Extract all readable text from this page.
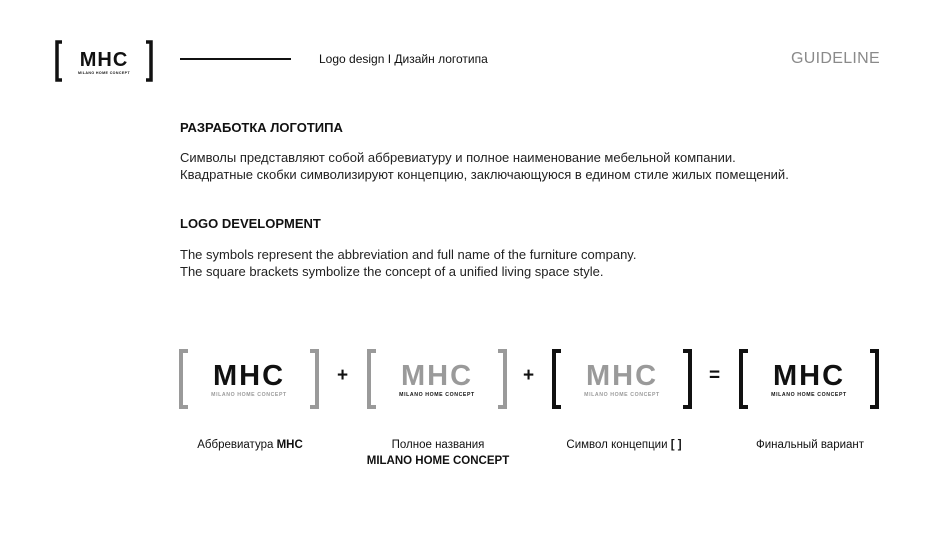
MHC
MILANO HOME CONCEPT
Logo design I Дизайн логотипа	GUIDELINE
РАЗРАБОТКА ЛОГОТИПА
Символы представляют собой аббревиатуру и полное наименование мебельной компании.
Квадратные скобки символизируют концепцию, заключающуюся в едином стиле жилых помещений.
LOGO DEVELOPMENT
The symbols represent the abbreviation and full name of the furniture company.
The square brackets symbolize the concept of a unified living space style.
MHC
MILANO HOME CONCEPT
+ MHC
MILANO HOME CONCEPT
+ MHC
MILANO HOME CONCEPT
= MHC
MILANO HOME CONCEPT
Аббревиатура MHC	Полное названия
MILANO HOME CONCEPT
Символ концепции [ ]	Финальный вариант
